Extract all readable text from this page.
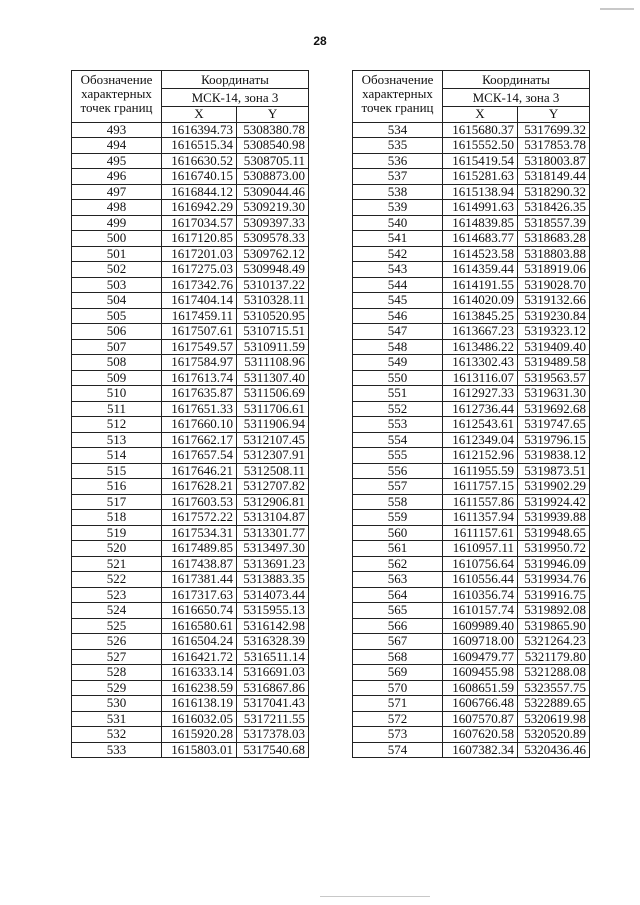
28
Обозначение
характерных
точек границ	Координаты	
	МСК-14, зона 3	
	X	Y
493	1616394.73	5308380.78
494	1616515.34	5308540.98
495	1616630.52	5308705.11
496	1616740.15	5308873.00
497	1616844.12	5309044.46
498	1616942.29	5309219.30
499	1617034.57	5309397.33
500	1617120.85	5309578.33
501	1617201.03	5309762.12
502	1617275.03	5309948.49
503	1617342.76	5310137.22
504	1617404.14	5310328.11
505	1617459.11	5310520.95
506	1617507.61	5310715.51
507	1617549.57	5310911.59
508	1617584.97	5311108.96
509	1617613.74	5311307.40
510	1617635.87	5311506.69
511	1617651.33	5311706.61
512	1617660.10	5311906.94
513	1617662.17	5312107.45
514	1617657.54	5312307.91
515	1617646.21	5312508.11
516	1617628.21	5312707.82
517	1617603.53	5312906.81
518	1617572.22	5313104.87
519	1617534.31	5313301.77
520	1617489.85	5313497.30
521	1617438.87	5313691.23
522	1617381.44	5313883.35
523	1617317.63	5314073.44
524	1616650.74	5315955.13
525	1616580.61	5316142.98
526	1616504.24	5316328.39
527	1616421.72	5316511.14
528	1616333.14	5316691.03
529	1616238.59	5316867.86
530	1616138.19	5317041.43
531	1616032.05	5317211.55
532	1615920.28	5317378.03
533	1615803.01	5317540.68
Обозначение
характерных
точек границ	Координаты	
	МСК-14, зона 3	
	X	Y
534	1615680.37	5317699.32
535	1615552.50	5317853.78
536	1615419.54	5318003.87
537	1615281.63	5318149.44
538	1615138.94	5318290.32
539	1614991.63	5318426.35
540	1614839.85	5318557.39
541	1614683.77	5318683.28
542	1614523.58	5318803.88
543	1614359.44	5318919.06
544	1614191.55	5319028.70
545	1614020.09	5319132.66
546	1613845.25	5319230.84
547	1613667.23	5319323.12
548	1613486.22	5319409.40
549	1613302.43	5319489.58
550	1613116.07	5319563.57
551	1612927.33	5319631.30
552	1612736.44	5319692.68
553	1612543.61	5319747.65
554	1612349.04	5319796.15
555	1612152.96	5319838.12
556	1611955.59	5319873.51
557	1611757.15	5319902.29
558	1611557.86	5319924.42
559	1611357.94	5319939.88
560	1611157.61	5319948.65
561	1610957.11	5319950.72
562	1610756.64	5319946.09
563	1610556.44	5319934.76
564	1610356.74	5319916.75
565	1610157.74	5319892.08
566	1609989.40	5319865.90
567	1609718.00	5321264.23
568	1609479.77	5321179.80
569	1609455.98	5321288.08
570	1608651.59	5323557.75
571	1606766.48	5322889.65
572	1607570.87	5320619.98
573	1607620.58	5320520.89
574	1607382.34	5320436.46
